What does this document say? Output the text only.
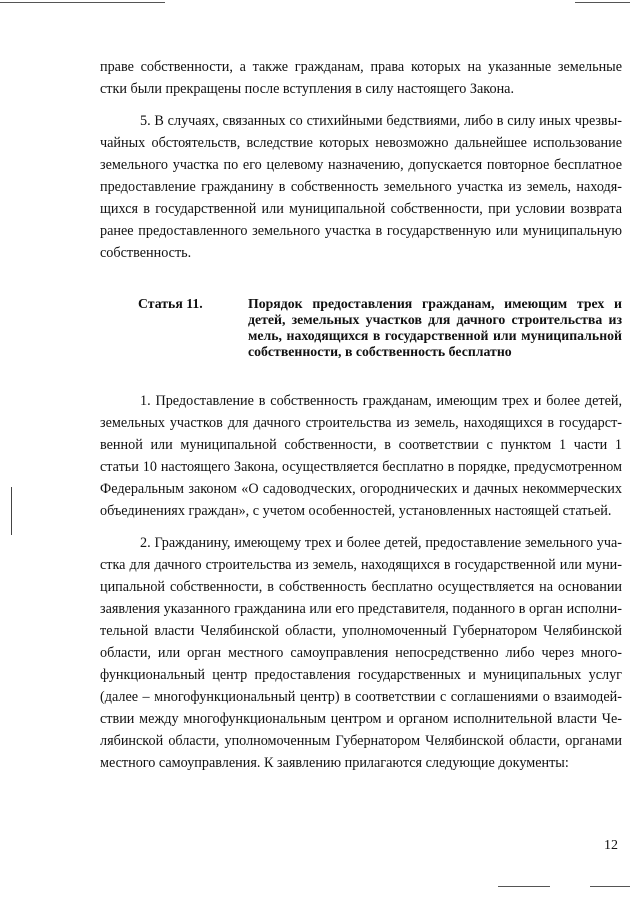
праве собственности, а также гражданам, права которых на указанные земельные
стки были прекращены после вступления в силу настоящего Закона.
5. В случаях, связанных со стихийными бедствиями, либо в силу иных чрезвы-
чайных обстоятельств, вследствие которых невозможно дальнейшее использование
земельного участка по его целевому назначению, допускается повторное бесплатное
предоставление гражданину в собственность земельного участка из земель, находя-
щихся в государственной или муниципальной собственности, при условии возврата
ранее предоставленного земельного участка в государственную или муниципальную
собственность.
Статья 11.	Порядок предоставления гражданам, имеющим трех и
детей, земельных участков для дачного строительства из
мель, находящихся в государственной или муниципальной
собственности, в собственность бесплатно
1. Предоставление в собственность гражданам, имеющим трех и более детей,
земельных участков для дачного строительства из земель, находящихся в государст-
венной или муниципальной собственности, в соответствии с пунктом 1 части 1
статьи 10 настоящего Закона, осуществляется бесплатно в порядке, предусмотренном
Федеральным законом «О садоводческих, огороднических и дачных некоммерческих
объединениях граждан», с учетом особенностей, установленных настоящей статьей.
2. Гражданину, имеющему трех и более детей, предоставление земельного уча-
стка для дачного строительства из земель, находящихся в государственной или муни-
ципальной собственности, в собственность бесплатно осуществляется на основании
заявления указанного гражданина или его представителя, поданного в орган исполни-
тельной власти Челябинской области, уполномоченный Губернатором Челябинской
области, или орган местного самоуправления непосредственно либо через много-
функциональный центр предоставления государственных и муниципальных услуг
(далее – многофункциональный центр) в соответствии с соглашениями о взаимодей-
ствии между многофункциональным центром и органом исполнительной власти Че-
лябинской области, уполномоченным Губернатором Челябинской области, органами
местного самоуправления. К заявлению прилагаются следующие документы:
12
